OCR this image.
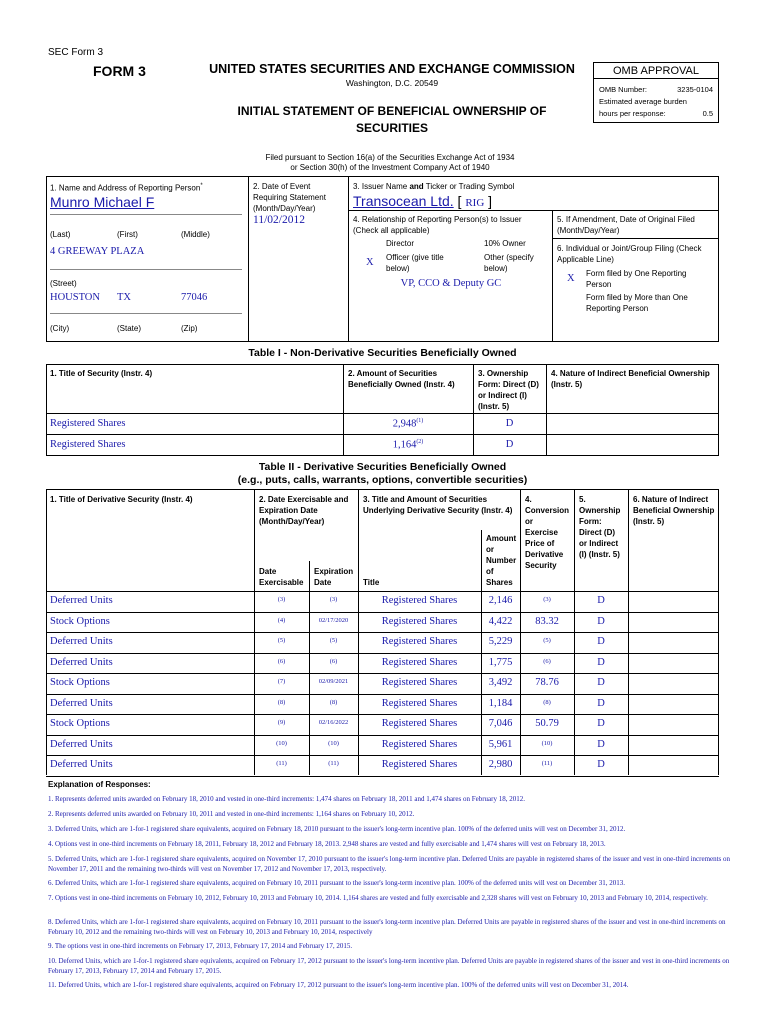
SEC Form 3
FORM 3	UNITED STATES SECURITIES AND EXCHANGE COMMISSION
Washington, D.C. 20549
INITIAL STATEMENT OF BENEFICIAL OWNERSHIP OF
SECURITIES
Filed pursuant to Section 16(a) of the Securities Exchange Act of 1934
or Section 30(h) of the Investment Company Act of 1940
OMB APPROVAL
OMB Number:	3235-0104
Estimated average burden
hours per response:	0.5
1. Name and Address of Reporting Person*
Munro Michael F
(Last)	(First)	(Middle)
4 GREEWAY PLAZA
(Street)
HOUSTON TX	77046
(City)	(State)	(Zip)
2. Date of Event
Requiring Statement
(Month/Day/Year)
11/02/2012
3. Issuer Name and Ticker or Trading Symbol
Transocean Ltd. [ RIG ]
4. Relationship of Reporting Person(s) to Issuer
(Check all applicable)
Director	10% Owner
X Officer (give title
below)
Other (specify
below)
VP, CCO & Deputy GC
5. If Amendment, Date of Original Filed
(Month/Day/Year)
6. Individual or Joint/Group Filing (Check
Applicable Line)
X Form filed by One Reporting
Person
Form filed by More than One
Reporting Person
Table I - Non-Derivative Securities Beneficially Owned
1. Title of Security (Instr. 4)	2. Amount of Securities
Beneficially Owned (Instr. 4)
3. Ownership
Form: Direct (D)
or Indirect (I)
(Instr. 5)
4. Nature of Indirect Beneficial Ownership
(Instr. 5)
Registered Shares	2,948$^{(1)}$	D
Registered Shares	1,164$^{(2)}$	D
Table II - Derivative Securities Beneficially Owned
(e.g., puts, calls, warrants, options, convertible securities)
1. Title of Derivative Security (Instr. 4)	2. Date Exercisable and
Expiration Date
(Month/Day/Year)
Date
Exercisable
Expiration
Date
3. Title and Amount of Securities
Underlying Derivative Security (Instr. 4)
Title
Amount
or
Number
of
Shares
4.
Conversion
or
Exercise
Price of
Derivative
Security
5.
Ownership
Form:
Direct (D)
or Indirect
(I) (Instr. 5)
6. Nature of Indirect
Beneficial Ownership
(Instr. 5)
Deferred Units	(3)	(3)	Registered Shares	2,146	(3)	D
Stock Options	(4)	02/17/2020	Registered Shares	4,422	83.32	D
Deferred Units	(5)	(5)	Registered Shares	5,229	(5)	D
Deferred Units	(6)	(6)	Registered Shares	1,775	(6)	D
Stock Options	(7)	02/09/2021	Registered Shares	3,492	78.76	D
Deferred Units	(8)	(8)	Registered Shares	1,184	(8)	D
Stock Options	(9)	02/16/2022	Registered Shares	7,046	50.79	D
Deferred Units	(10)	(10)	Registered Shares	5,961	(10)	D
Deferred Units	(11)	(11)	Registered Shares	2,980	(11)	D
Explanation of Responses:
1. Represents deferred units awarded on February 18, 2010 and vested in one-third increments: 1,474 shares on February 18, 2011 and 1,474 shares on February 18, 2012.
2. Represents deferred units awarded on February 10, 2011 and vested in one-third increments: 1,164 shares on February 10, 2012.
3. Deferred Units, which are 1-for-1 registered share equivalents, acquired on February 18, 2010 pursuant to the issuer's long-term incentive plan. 100% of the deferred units will vest on December 31, 2012.
4. Options vest in one-third increments on February 18, 2011, February 18, 2012 and February 18, 2013. 2,948 shares are vested and fully exercisable and 1,474 shares will vest on February 18, 2013.
5. Deferred Units, which are 1-for-1 registered share equivalents, acquired on November 17, 2010 pursuant to the issuer's long-term incentive plan. Deferred Units are payable in registered shares of the issuer and vest in one-third increments on November 17, 2011 and the remaining two-thirds will vest on November 17, 2012 and November 17, 2013, respectively.
6. Deferred Units, which are 1-for-1 registered share equivalents, acquired on February 10, 2011 pursuant to the issuer's long-term incentive plan. 100% of the deferred units will vest on December 31, 2013.
7. Options vest in one-third increments on February 10, 2012, February 10, 2013 and February 10, 2014. 1,164 shares are vested and fully exercisable and 2,328 shares will vest on February 10, 2013 and February 10, 2014, respectively.
8. Deferred Units, which are 1-for-1 registered share equivalents, acquired on February 10, 2011 pursuant to the issuer's long-term incentive plan. Deferred Units are payable in registered shares of the issuer and vest in one-third increments on February 10, 2012 and the remaining two-thirds will vest on February 10, 2013 and February 10, 2014, respectively
9. The options vest in one-third increments on February 17, 2013, February 17, 2014 and February 17, 2015.
10. Deferred Units, which are 1-for-1 registered share equivalents, acquired on February 17, 2012 pursuant to the issuer's long-term incentive plan. Deferred Units are payable in registered shares of the issuer and vest in one-third increments on February 17, 2013, February 17, 2014 and February 17, 2015.
11. Deferred Units, which are 1-for-1 registered share equivalents, acquired on February 17, 2012 pursuant to the issuer's long-term incentive plan. 100% of the deferred units will vest on December 31, 2014.
